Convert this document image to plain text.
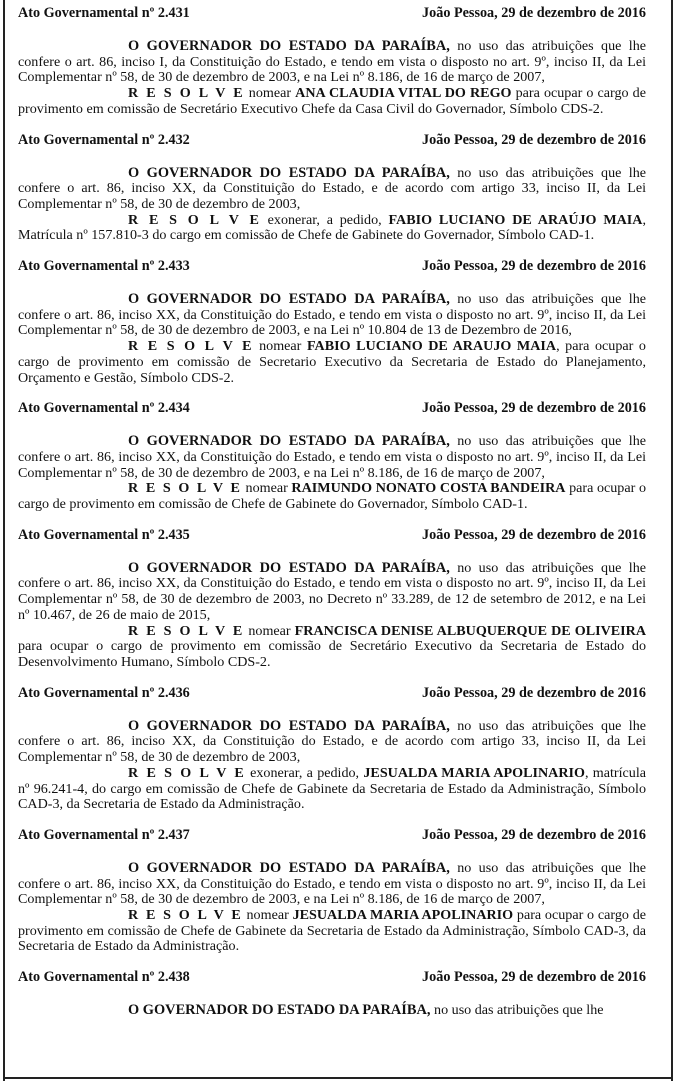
Ato Governamental nº 2.431	João Pessoa, 29 de dezembro de 2016

O GOVERNADOR DO ESTADO DA PARAÍBA, no uso das atribuições que lhe confere o art. 86, inciso I, da Constituição do Estado, e tendo em vista o disposto no art. 9º, inciso II, da Lei Complementar nº 58, de 30 de dezembro de 2003, e na Lei nº 8.186, de 16 de março de 2007,
R E S O L V E nomear ANA CLAUDIA VITAL DO REGO para ocupar o cargo de provimento em comissão de Secretário Executivo Chefe da Casa Civil do Governador, Símbolo CDS-2.

Ato Governamental nº 2.432	João Pessoa, 29 de dezembro de 2016

O GOVERNADOR DO ESTADO DA PARAÍBA, no uso das atribuições que lhe confere o art. 86, inciso XX, da Constituição do Estado, e de acordo com artigo 33, inciso II, da Lei Complementar nº 58, de 30 de dezembro de 2003,
R E S O L V E exonerar, a pedido, FABIO LUCIANO DE ARAÚJO MAIA, Matrícula nº 157.810-3 do cargo em comissão de Chefe de Gabinete do Governador, Símbolo CAD-1.

Ato Governamental nº 2.433	João Pessoa, 29 de dezembro de 2016

O GOVERNADOR DO ESTADO DA PARAÍBA, no uso das atribuições que lhe confere o art. 86, inciso XX, da Constituição do Estado, e tendo em vista o disposto no art. 9º, inciso II, da Lei Complementar nº 58, de 30 de dezembro de 2003, e na Lei nº 10.804 de 13 de Dezembro de 2016,
R E S O L V E nomear FABIO LUCIANO DE ARAUJO MAIA, para ocupar o cargo de provimento em comissão de Secretario Executivo da Secretaria de Estado do Planejamento, Orçamento e Gestão, Símbolo CDS-2.

Ato Governamental nº 2.434	João Pessoa, 29 de dezembro de 2016

O GOVERNADOR DO ESTADO DA PARAÍBA, no uso das atribuições que lhe confere o art. 86, inciso XX, da Constituição do Estado, e tendo em vista o disposto no art. 9º, inciso II, da Lei Complementar nº 58, de 30 de dezembro de 2003, e na Lei nº 8.186, de 16 de março de 2007,
R E S O L V E nomear RAIMUNDO NONATO COSTA BANDEIRA para ocupar o cargo de provimento em comissão de Chefe de Gabinete do Governador, Símbolo CAD-1.

Ato Governamental nº 2.435	João Pessoa, 29 de dezembro de 2016

O GOVERNADOR DO ESTADO DA PARAÍBA, no uso das atribuições que lhe confere o art. 86, inciso XX, da Constituição do Estado, e tendo em vista o disposto no art. 9º, inciso II, da Lei Complementar nº 58, de 30 de dezembro de 2003, no Decreto nº 33.289, de 12 de setembro de 2012, e na Lei nº 10.467, de 26 de maio de 2015,
R E S O L V E nomear FRANCISCA DENISE ALBUQUERQUE DE OLIVEIRA para ocupar o cargo de provimento em comissão de Secretário Executivo da Secretaria de Estado do Desenvolvimento Humano, Símbolo CDS-2.

Ato Governamental nº 2.436	João Pessoa, 29 de dezembro de 2016

O GOVERNADOR DO ESTADO DA PARAÍBA, no uso das atribuições que lhe confere o art. 86, inciso XX, da Constituição do Estado, e de acordo com artigo 33, inciso II, da Lei Complementar nº 58, de 30 de dezembro de 2003,
R E S O L V E exonerar, a pedido, JESUALDA MARIA APOLINARIO, matrícula nº 96.241-4, do cargo em comissão de Chefe de Gabinete da Secretaria de Estado da Administração, Símbolo CAD-3, da Secretaria de Estado da Administração.

Ato Governamental nº 2.437	João Pessoa, 29 de dezembro de 2016

O GOVERNADOR DO ESTADO DA PARAÍBA, no uso das atribuições que lhe confere o art. 86, inciso XX, da Constituição do Estado, e tendo em vista o disposto no art. 9º, inciso II, da Lei Complementar nº 58, de 30 de dezembro de 2003, e na Lei nº 8.186, de 16 de março de 2007,
R E S O L V E nomear JESUALDA MARIA APOLINARIO para ocupar o cargo de provimento em comissão de Chefe de Gabinete da Secretaria de Estado da Administração, Símbolo CAD-3, da Secretaria de Estado da Administração.

Ato Governamental nº 2.438	João Pessoa, 29 de dezembro de 2016

O GOVERNADOR DO ESTADO DA PARAÍBA, no uso das atribuições que lhe
